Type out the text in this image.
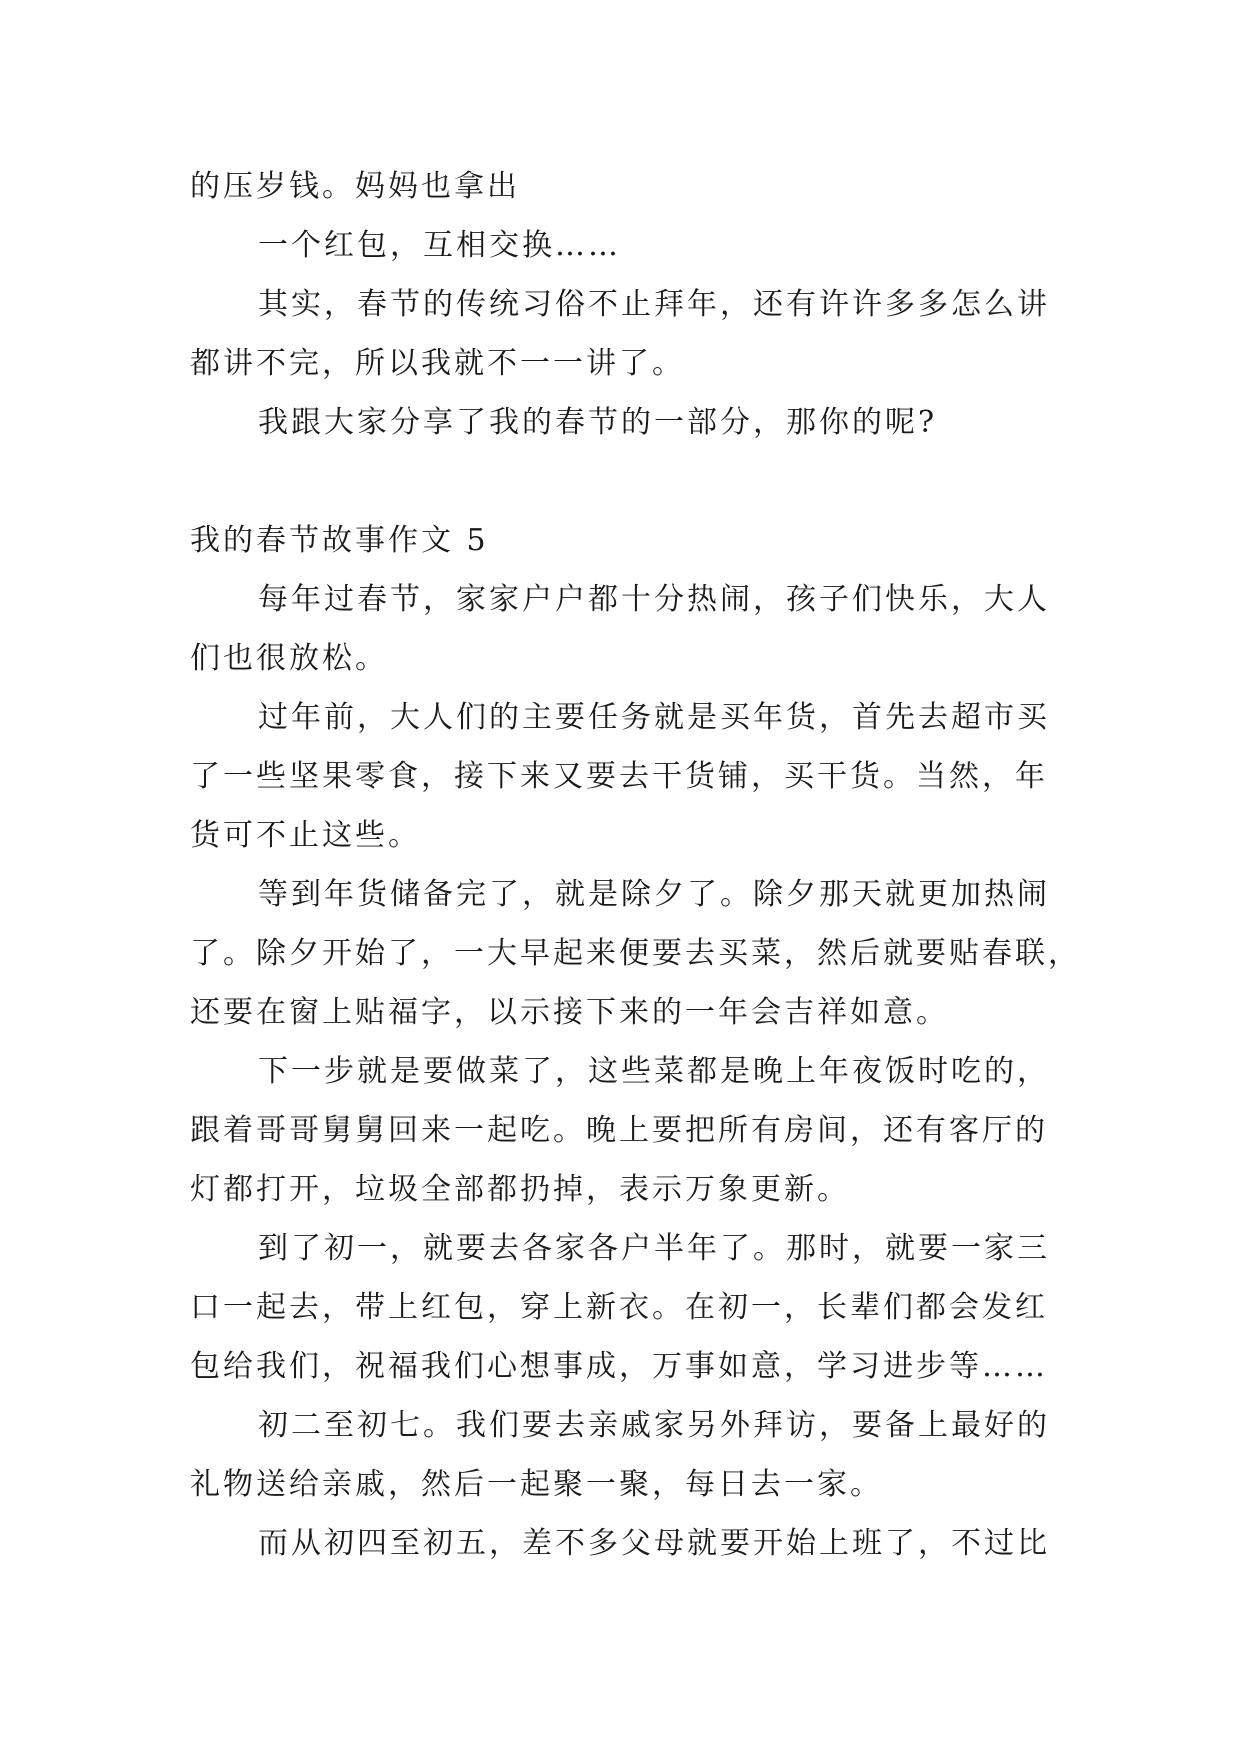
的压岁钱。妈妈也拿出
一个红包，互相交换……
其实，春节的传统习俗不止拜年，还有许许多多怎么讲
都讲不完，所以我就不一一讲了。
我跟大家分享了我的春节的一部分，那你的呢?
我的春节故事作文 5
每年过春节，家家户户都十分热闹，孩子们快乐，大人
们也很放松。
过年前，大人们的主要任务就是买年货，首先去超市买
了一些坚果零食，接下来又要去干货铺，买干货。当然，年
货可不止这些。
等到年货储备完了，就是除夕了。除夕那天就更加热闹
了。除夕开始了，一大早起来便要去买菜，然后就要贴春联，
还要在窗上贴福字，以示接下来的一年会吉祥如意。
下一步就是要做菜了，这些菜都是晚上年夜饭时吃的，
跟着哥哥舅舅回来一起吃。晚上要把所有房间，还有客厅的
灯都打开，垃圾全部都扔掉，表示万象更新。
到了初一，就要去各家各户半年了。那时，就要一家三
口一起去，带上红包，穿上新衣。在初一，长辈们都会发红
包给我们，祝福我们心想事成，万事如意，学习进步等……
初二至初七。我们要去亲戚家另外拜访，要备上最好的
礼物送给亲戚，然后一起聚一聚，每日去一家。
而从初四至初五，差不多父母就要开始上班了，不过比
